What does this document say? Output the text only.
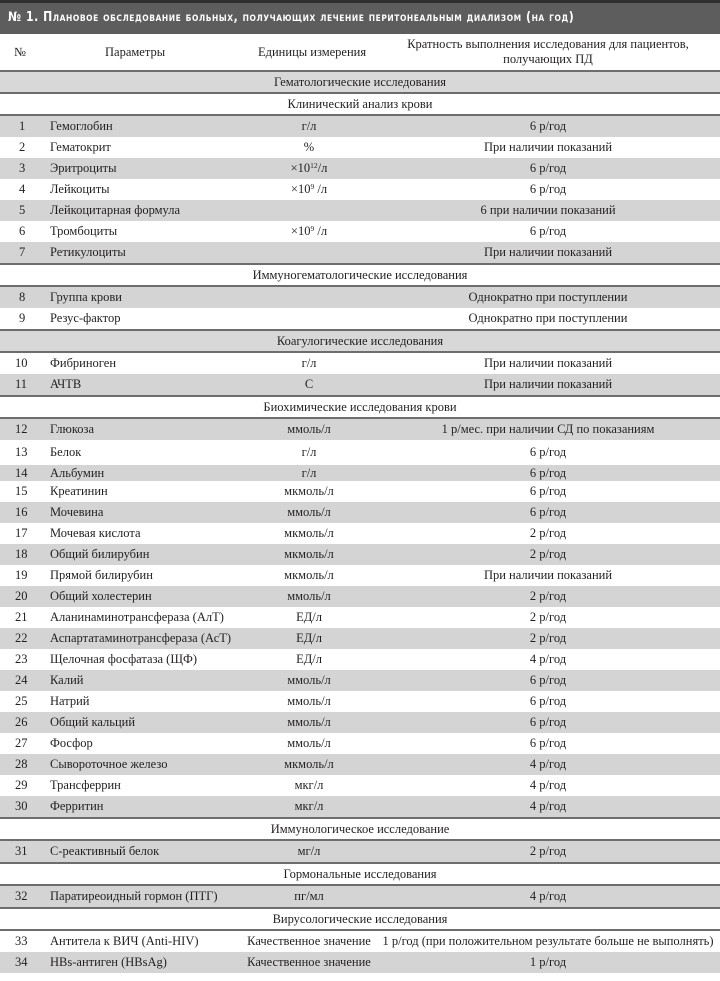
№ 1. Плановое обследование больных, получающих лечение перитонеальным диализом (на год)
№	Параметры	Единицы измерения	Кратность выполнения исследования для пациентов, получающих ПД
Гематологические исследования			
Клинический анализ крови			
1	Гемоглобин	г/л	6 р/год
2	Гематокрит	%	При наличии показаний
3	Эритроциты	$\times 10^{12}/л$	6 р/год
4	Лейкоциты	$\times 10^9$ /л	6 р/год
5	Лейкоцитарная формула		6 при наличии показаний
6	Тромбоциты	$\times 10^9$ /л	6 р/год
7	Ретикулоциты		При наличии показаний
Иммуногематологические исследования			
8	Группа крови		Однократно при поступлении
9	Резус-фактор		Однократно при поступлении
Коагулогические исследования			
10	Фибриноген	г/л	При наличии показаний
11	АЧТВ	С	При наличии показаний
Биохимические исследования крови			
12	Глюкоза	ммоль/л	1 р/мес. при наличии СД по показаниям
13	Белок	г/л	6 р/год
14	Альбумин	г/л	6 р/год
15	Креатинин	мкмоль/л	6 р/год
16	Мочевина	ммоль/л	6 р/год
17	Мочевая кислота	мкмоль/л	2 р/год
18	Общий билирубин	мкмоль/л	2 р/год
19	Прямой билирубин	мкмоль/л	При наличии показаний
20	Общий холестерин	ммоль/л	2 р/год
21	Аланинаминотрансфераза (АлТ)	ЕД/л	2 р/год
22	Аспартатаминотрансфераза (АсТ)	ЕД/л	2 р/год
23	Щелочная фосфатаза (ЩФ)	ЕД/л	4 р/год
24	Калий	ммоль/л	6 р/год
25	Натрий	ммоль/л	6 р/год
26	Общий кальций	ммоль/л	6 р/год
27	Фосфор	ммоль/л	6 р/год
28	Сывороточное железо	мкмоль/л	4 р/год
29	Трансферрин	мкг/л	4 р/год
30	Ферритин	мкг/л	4 р/год
Иммунологическое исследование			
31	С-реактивный белок	мг/л	2 р/год
Гормональные исследования			
32	Паратиреоидный гормон (ПТГ)	пг/мл	4 р/год
Вирусологические исследования			
33	Антитела к ВИЧ (Anti-HIV)	Качественное значение	1 р/год (при положительном результате больше не выполнять)
34	HBs-антиген (HBsAg)	Качественное значение	1 р/год
